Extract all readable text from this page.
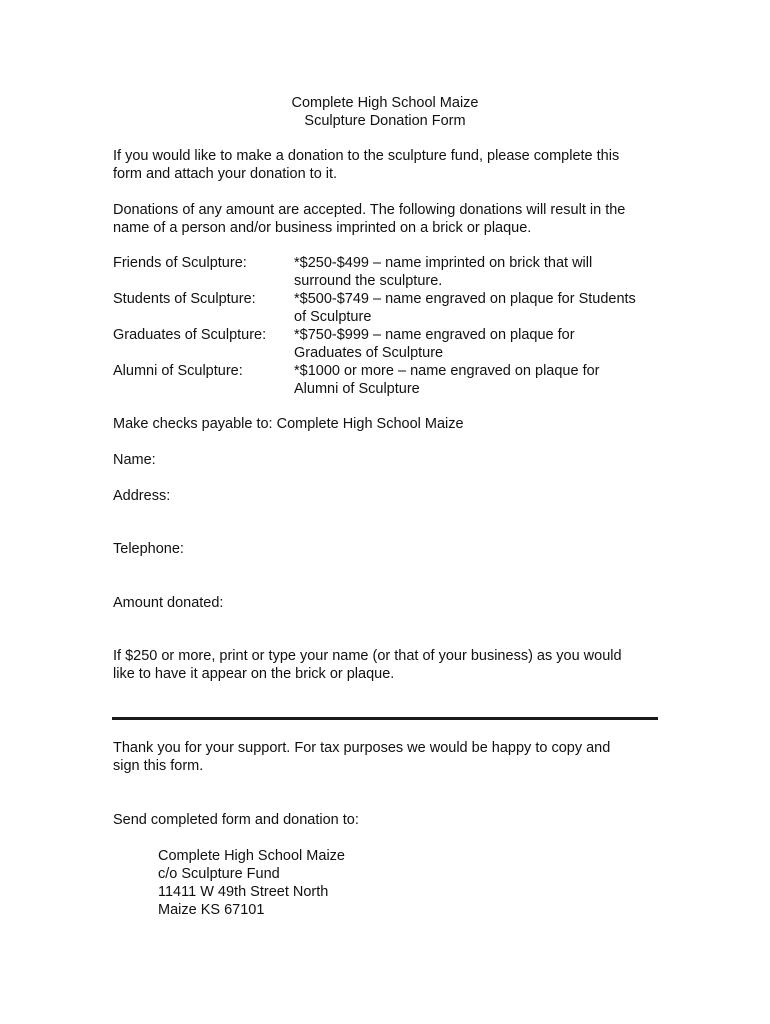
Complete High School Maize
Sculpture Donation Form
If you would like to make a donation to the sculpture fund, please complete this
form and attach your donation to it.
Donations of any amount are accepted. The following donations will result in the
name of a person and/or business imprinted on a brick or plaque.
Friends of Sculpture:	*$250-$499 – name imprinted on brick that will
surround the sculpture.
Students of Sculpture:	*$500-$749 – name engraved on plaque for Students
of Sculpture
Graduates of Sculpture: *$750-$999 – name engraved on plaque for
Graduates of Sculpture
Alumni of Sculpture:	*$1000 or more – name engraved on plaque for
Alumni of Sculpture
Make checks payable to: Complete High School Maize
Name:
Address:
Telephone:
Amount donated:
If $250 or more, print or type your name (or that of your business) as you would
like to have it appear on the brick or plaque.
Thank you for your support. For tax purposes we would be happy to copy and
sign this form.
Send completed form and donation to:
Complete High School Maize
c/o Sculpture Fund
11411 W 49th Street North
Maize KS 67101
